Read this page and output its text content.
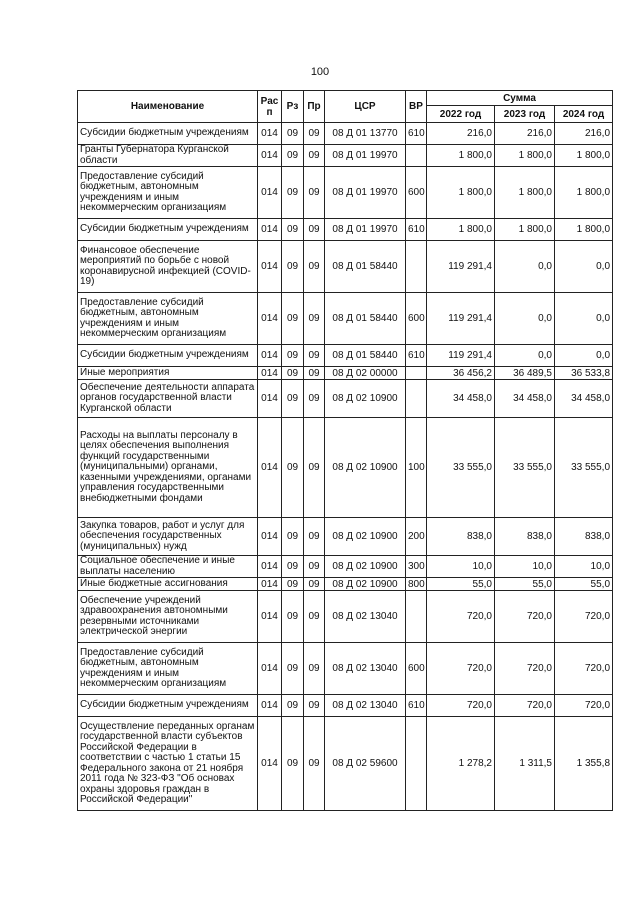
100
Наименование	Рас п	Рз	Пр	ЦСР	ВР	Сумма		
						2022 год	2023 год	2024 год
Субсидии бюджетным учреждениям	014	09	09	08 Д 01 13770	610	216,0	216,0	216,0
Гранты Губернатора Курганской области	014	09	09	08 Д 01 19970		1 800,0	1 800,0	1 800,0
Предоставление субсидий бюджетным, автономным учреждениям и иным некоммерческим организациям	014	09	09	08 Д 01 19970	600	1 800,0	1 800,0	1 800,0
Субсидии бюджетным учреждениям	014	09	09	08 Д 01 19970	610	1 800,0	1 800,0	1 800,0
Финансовое обеспечение мероприятий по борьбе с новой коронавирусной инфекцией (COVID-19)	014	09	09	08 Д 01 58440		119 291,4	0,0	0,0
Предоставление субсидий бюджетным, автономным учреждениям и иным некоммерческим организациям	014	09	09	08 Д 01 58440	600	119 291,4	0,0	0,0
Субсидии бюджетным учреждениям	014	09	09	08 Д 01 58440	610	119 291,4	0,0	0,0
Иные мероприятия	014	09	09	08 Д 02 00000		36 456,2	36 489,5	36 533,8
Обеспечение деятельности аппарата органов государственной власти Курганской области	014	09	09	08 Д 02 10900		34 458,0	34 458,0	34 458,0
Расходы на выплаты персоналу в целях обеспечения выполнения функций государственными (муниципальными) органами, казенными учреждениями, органами управления государственными внебюджетными фондами	014	09	09	08 Д 02 10900	100	33 555,0	33 555,0	33 555,0
Закупка товаров, работ и услуг для обеспечения государственных (муниципальных) нужд	014	09	09	08 Д 02 10900	200	838,0	838,0	838,0
Социальное обеспечение и иные выплаты населению	014	09	09	08 Д 02 10900	300	10,0	10,0	10,0
Иные бюджетные ассигнования	014	09	09	08 Д 02 10900	800	55,0	55,0	55,0
Обеспечение учреждений здравоохранения автономными резервными источниками электрической энергии	014	09	09	08 Д 02 13040		720,0	720,0	720,0
Предоставление субсидий бюджетным, автономным учреждениям и иным некоммерческим организациям	014	09	09	08 Д 02 13040	600	720,0	720,0	720,0
Субсидии бюджетным учреждениям	014	09	09	08 Д 02 13040	610	720,0	720,0	720,0
Осуществление переданных органам государственной власти субъектов Российской Федерации в соответствии с частью 1 статьи 15 Федерального закона от 21 ноября 2011 года № 323-ФЗ "Об основах охраны здоровья граждан в Российской Федерации"	014	09	09	08 Д 02 59600		1 278,2	1 311,5	1 355,8
